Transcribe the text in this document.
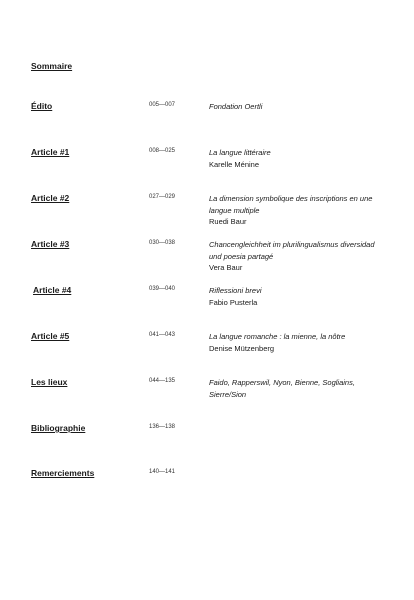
Sommaire
Édito	005—007	Fondation Oertli
Article #1	008—025	La langue littéraire
Karelle Ménine
Article #2	027—029	La dimension symbolique des inscriptions en une langue multiple
Ruedi Baur
Article #3	030—038	Chancengleichheit im plurilingualismus diversidad und poesia partagé
Vera Baur
Article #4	039—040	Riflessioni brevi
Fabio Pusterla
Article #5	041—043	La langue romanche : la mienne, la nôtre
Denise Mützenberg
Les lieux	044—135	Faido, Rapperswil, Nyon, Bienne, Sogliains, Sierre/Sion
Bibliographie	136—138
Remerciements	140—141
